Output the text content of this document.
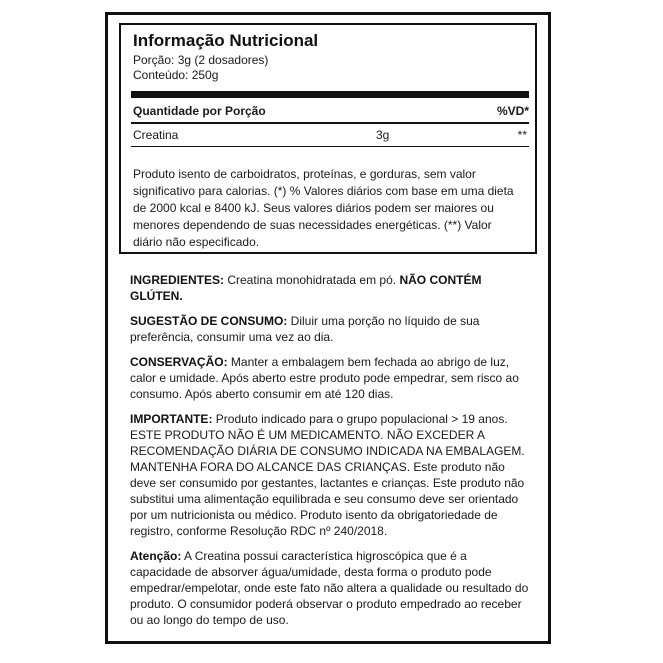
Informação Nutricional
Porção: 3g (2 dosadores)
Conteúdo: 250g
Quantidade por Porção	%VD*
Creatina	3g	**
Produto isento de carboidratos, proteínas, e gorduras, sem valor significativo para calorias. (*) % Valores diários com base em uma dieta de 2000 kcal e 8400 kJ. Seus valores diários podem ser maiores ou menores dependendo de suas necessidades energéticas. (**) Valor diário não especificado.

INGREDIENTES: Creatina monohidratada em pó. NÃO CONTÉM GLÚTEN.

SUGESTÃO DE CONSUMO: Diluir uma porção no líquido de sua preferência, consumir uma vez ao dia.

CONSERVAÇÃO: Manter a embalagem bem fechada ao abrigo de luz, calor e umidade. Após aberto estre produto pode empedrar, sem risco ao consumo. Após aberto consumir em até 120 dias.

IMPORTANTE: Produto indicado para o grupo populacional > 19 anos. ESTE PRODUTO NÃO É UM MEDICAMENTO. NÃO EXCEDER A RECOMENDAÇÃO DIÁRIA DE CONSUMO INDICADA NA EMBALAGEM. MANTENHA FORA DO ALCANCE DAS CRIANÇAS. Este produto não deve ser consumido por gestantes, lactantes e crianças. Este produto não substitui uma alimentação equilibrada e seu consumo deve ser orientado por um nutricionista ou médico. Produto isento da obrigatoriedade de registro, conforme Resolução RDC nº 240/2018.

Atenção: A Creatina possui característica higroscópica que é a capacidade de absorver água/umidade, desta forma o produto pode empedrar/empelotar, onde este fato não altera a qualidade ou resultado do produto. O consumidor poderá observar o produto empedrado ao receber ou ao longo do tempo de uso.
